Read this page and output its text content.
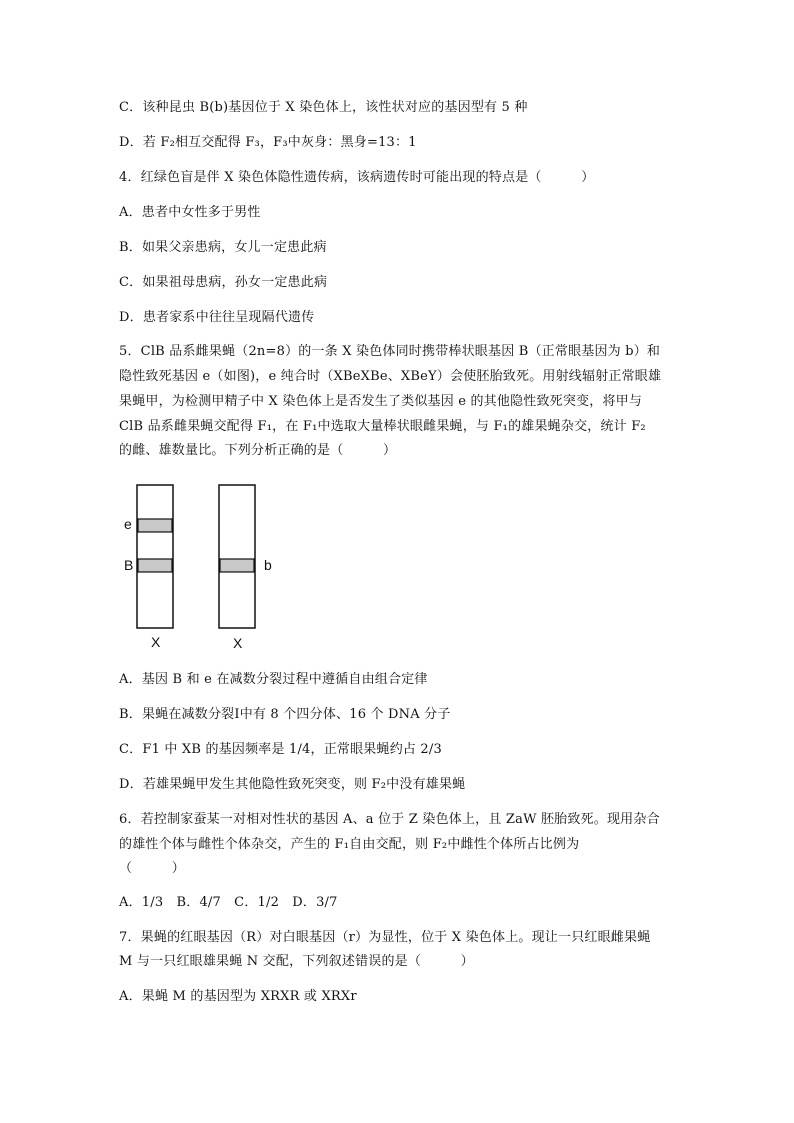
C．该种昆虫 B(b)基因位于 X 染色体上，该性状对应的基因型有 5 种
D．若 F₂相互交配得 F₃，F₃中灰身：黑身=13：1
4．红绿色盲是伴 X 染色体隐性遗传病，该病遗传时可能出现的特点是（　　　）
A．患者中女性多于男性
B．如果父亲患病，女儿一定患此病
C．如果祖母患病，孙女一定患此病
D．患者家系中往往呈现隔代遗传
5．ClB 品系雌果蝇（2n=8）的一条 X 染色体同时携带棒状眼基因 B（正常眼基因为 b）和
隐性致死基因 e（如图)，e 纯合时（XBeXBe、XBeY）会使胚胎致死。用射线辐射正常眼雄
果蝇甲，为检测甲精子中 X 染色体上是否发生了类似基因 e 的其他隐性致死突变，将甲与
ClB 品系雌果蝇交配得 F₁，在 F₁中选取大量棒状眼雌果蝇，与 F₁的雄果蝇杂交，统计 F₂
的雌、雄数量比。下列分析正确的是（　　　）
e
B	b
X	X
A．基因 B 和 e 在减数分裂过程中遵循自由组合定律
B．果蝇在减数分裂Ⅰ中有 8 个四分体、16 个 DNA 分子
C．F1 中 XB 的基因频率是 1/4，正常眼果蝇约占 2/3
D．若雄果蝇甲发生其他隐性致死突变，则 F₂中没有雄果蝇
6．若控制家蚕某一对相对性状的基因 A、a 位于 Z 染色体上，且 ZaW 胚胎致死。现用杂合
的雄性个体与雌性个体杂交，产生的 F₁自由交配，则 F₂中雌性个体所占比例为
（　　　）
A．1/3　B．4/7　C．1/2　D．3/7
7．果蝇的红眼基因（R）对白眼基因（r）为显性，位于 X 染色体上。现让一只红眼雌果蝇
M 与一只红眼雄果蝇 N 交配，下列叙述错误的是（　　　）
A．果蝇 M 的基因型为 XRXR 或 XRXr
